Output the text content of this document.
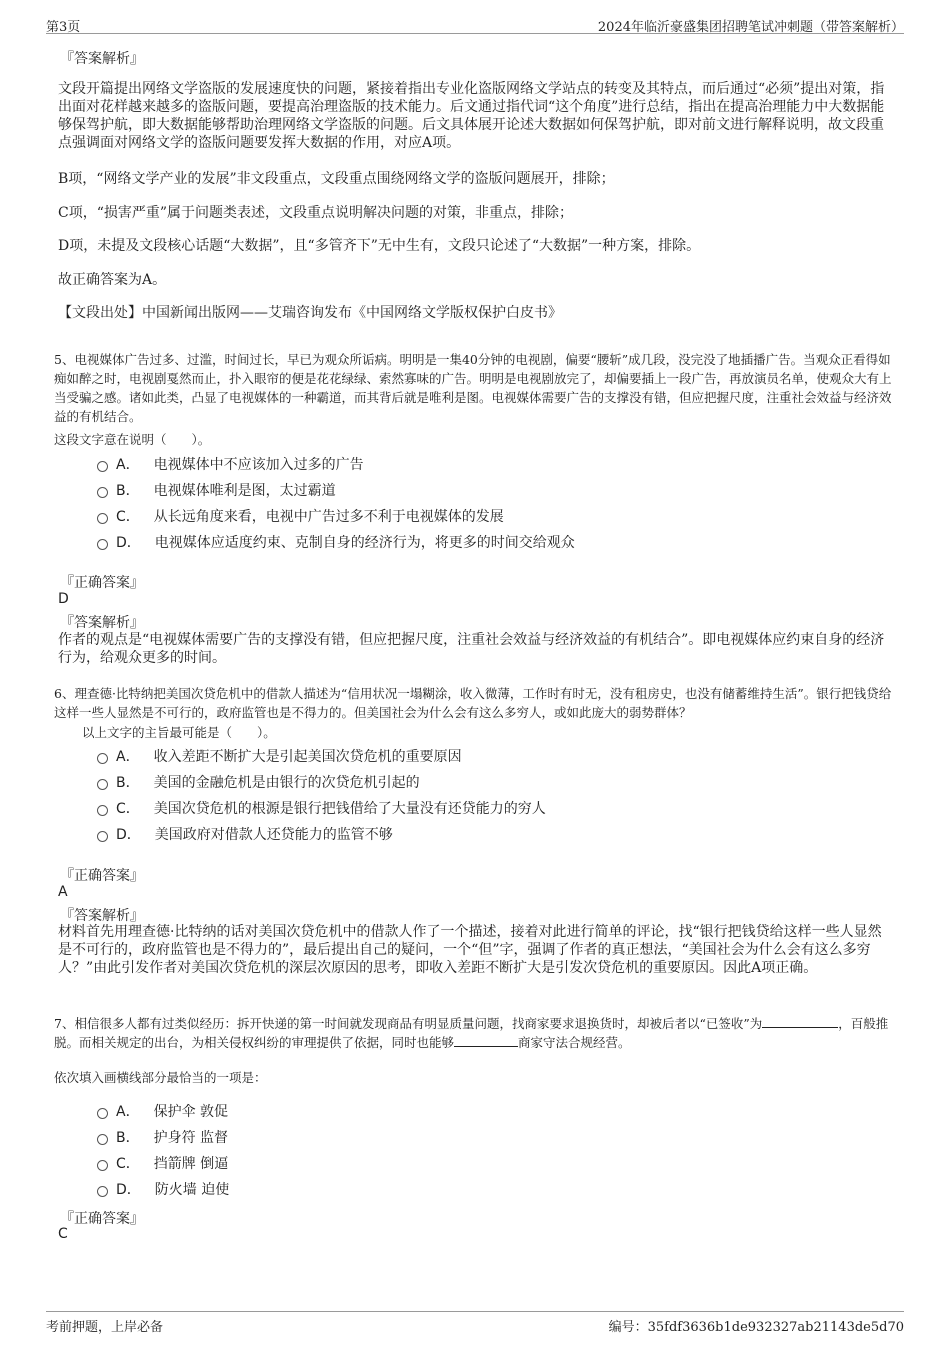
第3页	2024年临沂豪盛集团招聘笔试冲刺题（带答案解析）
『答案解析』

文段开篇提出网络文学盗版的发展速度快的问题，紧接着指出专业化盗版网络文学站点的转变及其特点，而后通过“必须”提出对策，指出面对花样越来越多的盗版问题，要提高治理盗版的技术能力。后文通过指代词“这个角度”进行总结，指出在提高治理能力中大数据能够保驾护航，即大数据能够帮助治理网络文学盗版的问题。后文具体展开论述大数据如何保驾护航，即对前文进行解释说明，故文段重点强调面对网络文学的盗版问题要发挥大数据的作用，对应A项。

B项，“网络文学产业的发展”非文段重点，文段重点围绕网络文学的盗版问题展开，排除；

C项，“损害严重”属于问题类表述，文段重点说明解决问题的对策，非重点，排除；

D项，未提及文段核心话题“大数据”，且“多管齐下”无中生有，文段只论述了“大数据”一种方案，排除。

故正确答案为A。

【文段出处】中国新闻出版网——艾瑞咨询发布《中国网络文学版权保护白皮书》

5、电视媒体广告过多、过滥，时间过长，早已为观众所诟病。明明是一集40分钟的电视剧，偏要“腰斩”成几段，没完没了地插播广告。当观众正看得如痴如醉之时，电视剧戛然而止，扑入眼帘的便是花花绿绿、索然寡味的广告。明明是电视剧放完了，却偏要插上一段广告，再放演员名单，使观众大有上当受骗之感。诸如此类，凸显了电视媒体的一种霸道，而其背后就是唯利是图。电视媒体需要广告的支撑没有错，但应把握尺度，注重社会效益与经济效益的有机结合。

这段文字意在说明（　　）。

A． 电视媒体中不应该加入过多的广告
B． 电视媒体唯利是图，太过霸道
C． 从长远角度来看，电视中广告过多不利于电视媒体的发展
D． 电视媒体应适度约束、克制自身的经济行为，将更多的时间交给观众
『正确答案』
D
『答案解析』

作者的观点是“电视媒体需要广告的支撑没有错，但应把握尺度，注重社会效益与经济效益的有机结合”。即电视媒体应约束自身的经济行为，给观众更多的时间。

6、理查德·比特纳把美国次贷危机中的借款人描述为“信用状况一塌糊涂，收入微薄，工作时有时无，没有租房史，也没有储蓄维持生活”。银行把钱贷给这样一些人显然是不可行的，政府监管也是不得力的。但美国社会为什么会有这么多穷人，或如此庞大的弱势群体？

以上文字的主旨最可能是（　　）。

A． 收入差距不断扩大是引起美国次贷危机的重要原因
B． 美国的金融危机是由银行的次贷危机引起的
C． 美国次贷危机的根源是银行把钱借给了大量没有还贷能力的穷人
D． 美国政府对借款人还贷能力的监管不够
『正确答案』
A
『答案解析』

材料首先用理查德·比特纳的话对美国次贷危机中的借款人作了一个描述，接着对此进行简单的评论，找“银行把钱贷给这样一些人显然是不可行的，政府监管也是不得力的”，最后提出自己的疑问，一个“但”字，强调了作者的真正想法，“美国社会为什么会有这么多穷人？”由此引发作者对美国次贷危机的深层次原因的思考，即收入差距不断扩大是引发次贷危机的重要原因。因此A项正确。

7、相信很多人都有过类似经历：拆开快递的第一时间就发现商品有明显质量问题，找商家要求退换货时，却被后者以“已签收”为	，百般推脱。而相关规定的出台，为相关侵权纠纷的审理提供了依据，同时也能够	商家守法合规经营。

依次填入画横线部分最恰当的一项是：

A． 保护伞 敦促
B． 护身符 监督
C． 挡箭牌 倒逼
D． 防火墙 迫使
『正确答案』
C
考前押题，上岸必备	编号：35fdf3636b1de932327ab21143de5d70
